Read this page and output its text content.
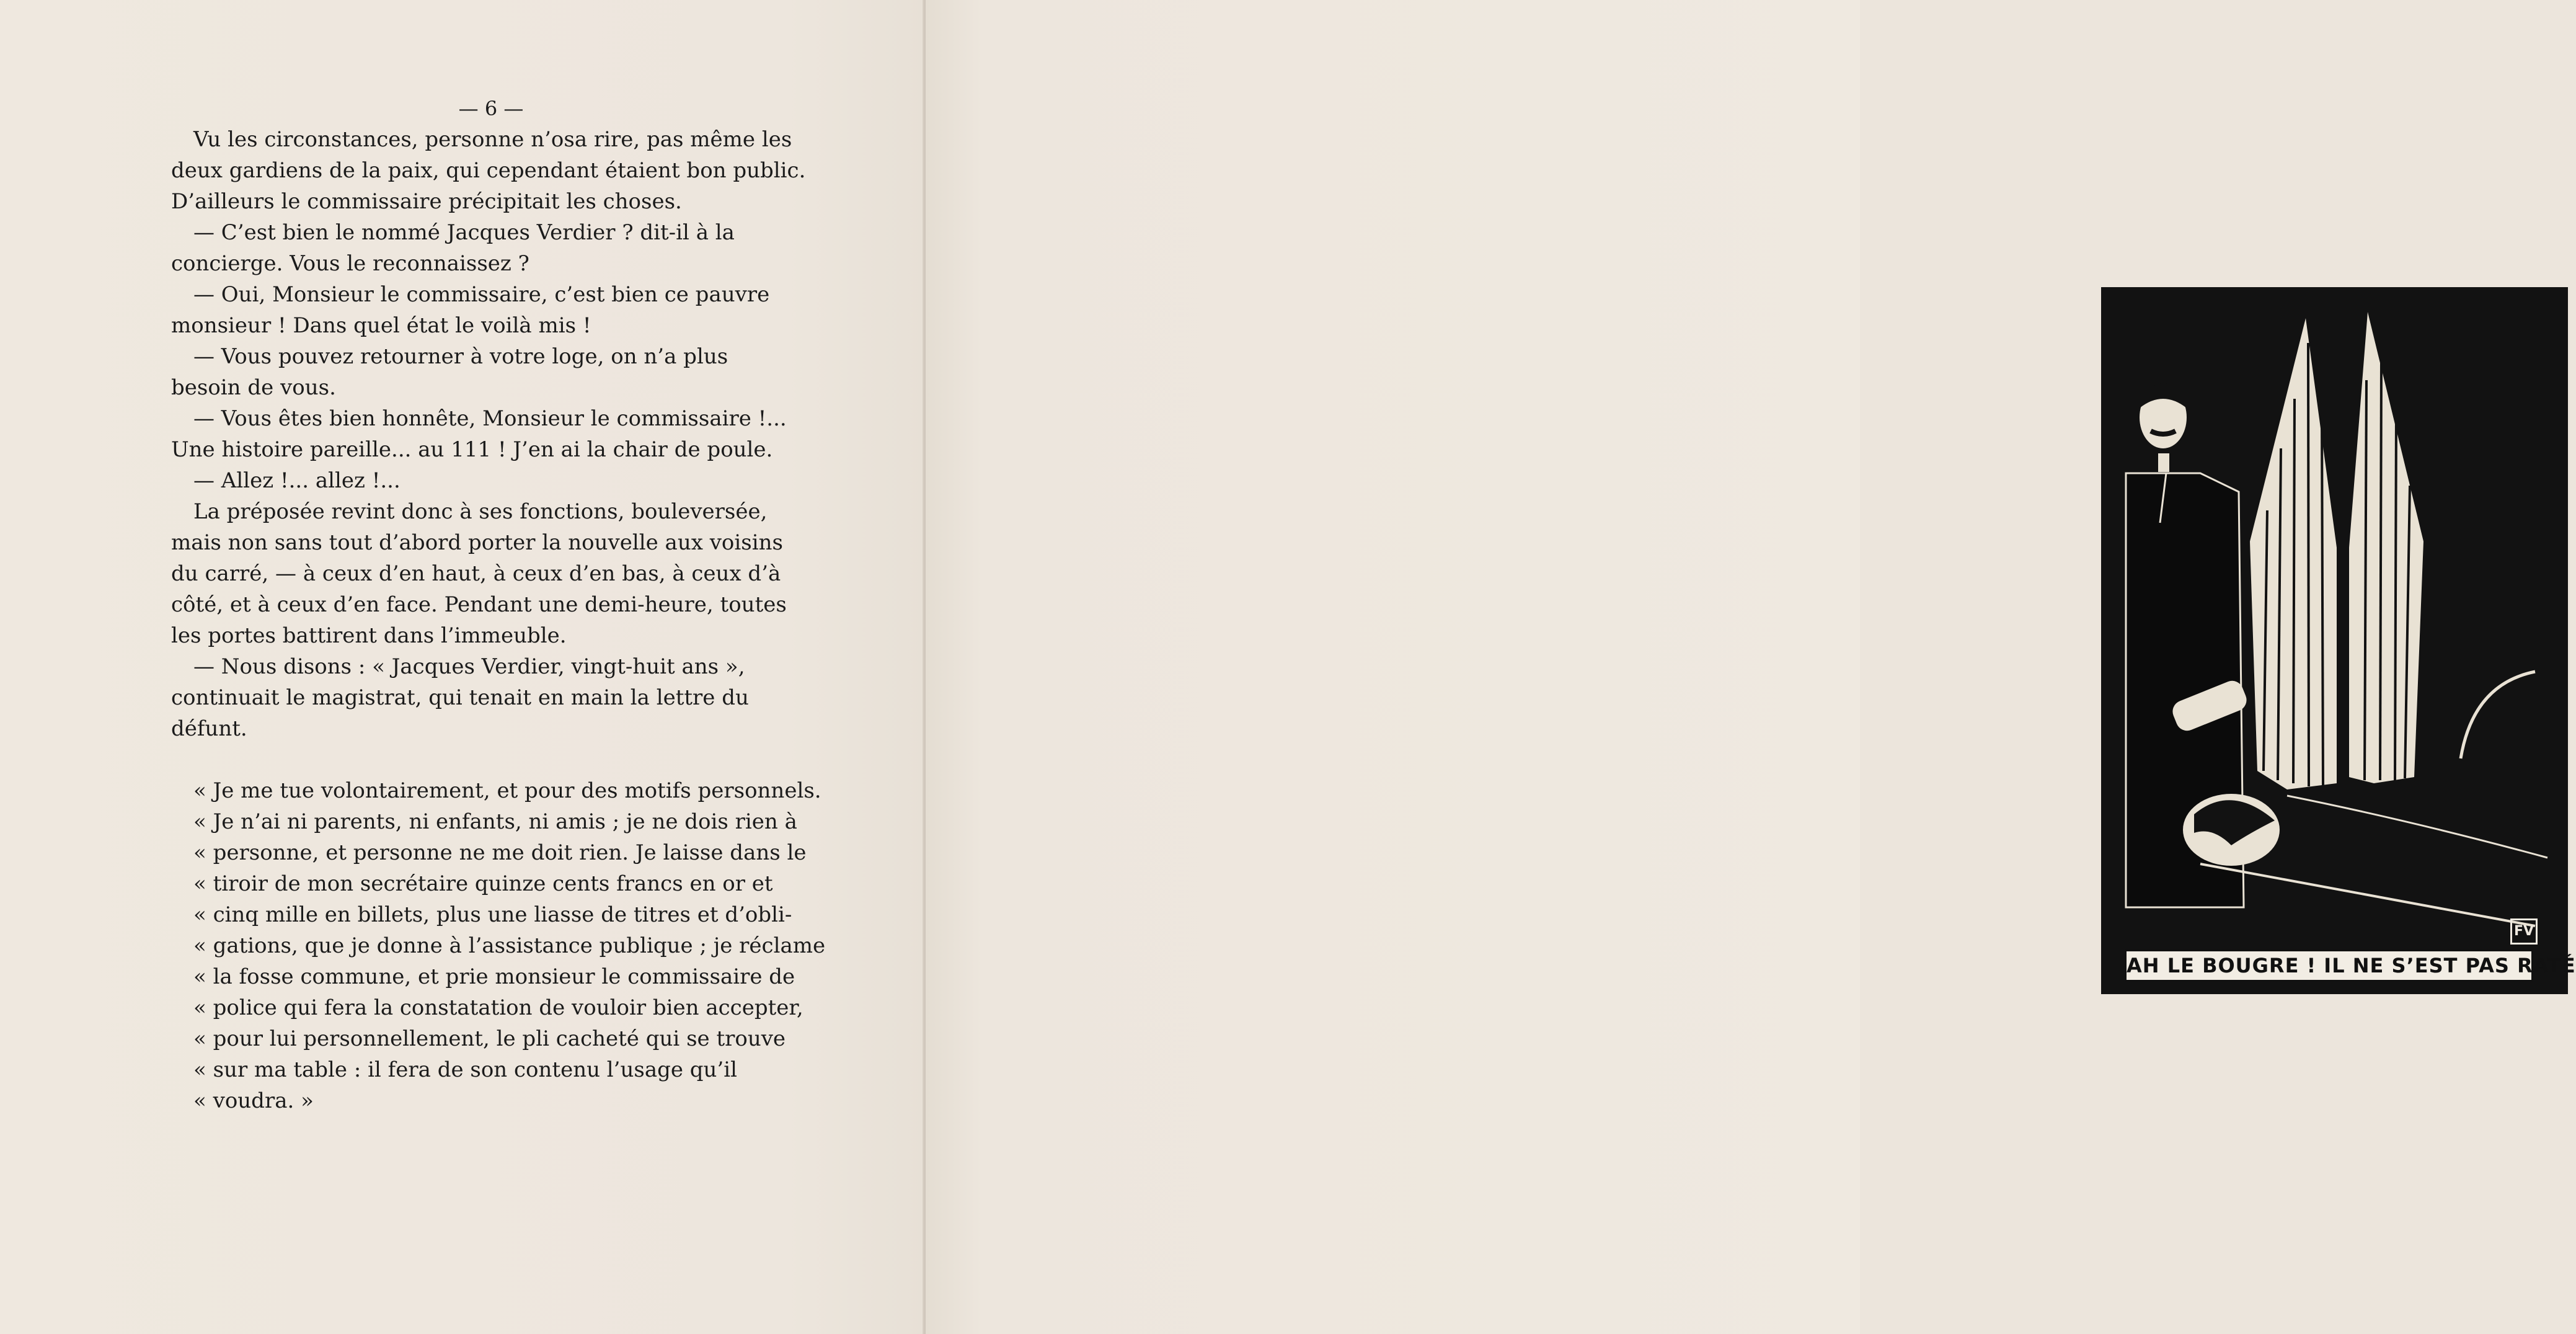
— 6 —
Vu les circonstances, personne n’osa rire, pas même les
deux gardiens de la paix, qui cependant étaient bon public.
D’ailleurs le commissaire précipitait les choses.
— C’est bien le nommé Jacques Verdier ? dit-il à la
concierge. Vous le reconnaissez ?
— Oui, Monsieur le commissaire, c’est bien ce pauvre
monsieur ! Dans quel état le voilà mis !
— Vous pouvez retourner à votre loge, on n’a plus
besoin de vous.
— Vous êtes bien honnête, Monsieur le commissaire !...
Une histoire pareille... au 111 ! J’en ai la chair de poule.
— Allez !... allez !...
La préposée revint donc à ses fonctions, bouleversée,
mais non sans tout d’abord porter la nouvelle aux voisins
du carré, — à ceux d’en haut, à ceux d’en bas, à ceux d’à
côté, et à ceux d’en face. Pendant une demi-heure, toutes
les portes battirent dans l’immeuble.
— Nous disons : « Jacques Verdier, vingt-huit ans »,
continuait le magistrat, qui tenait en main la lettre du
défunt.
« Je me tue volontairement, et pour des motifs personnels.
« Je n’ai ni parents, ni enfants, ni amis ; je ne dois rien à
« personne, et personne ne me doit rien. Je laisse dans le
« tiroir de mon secrétaire quinze cents francs en or et
« cinq mille en billets, plus une liasse de titres et d’obli-
« gations, que je donne à l’assistance publique ; je réclame
« la fosse commune, et prie monsieur le commissaire de
« police qui fera la constatation de vouloir bien accepter,
« pour lui personnellement, le pli cacheté qui se trouve
« sur ma table : il fera de son contenu l’usage qu’il
« voudra. »
FV
AH LE BOUGRE ! IL NE S’EST PAS RATÉ
